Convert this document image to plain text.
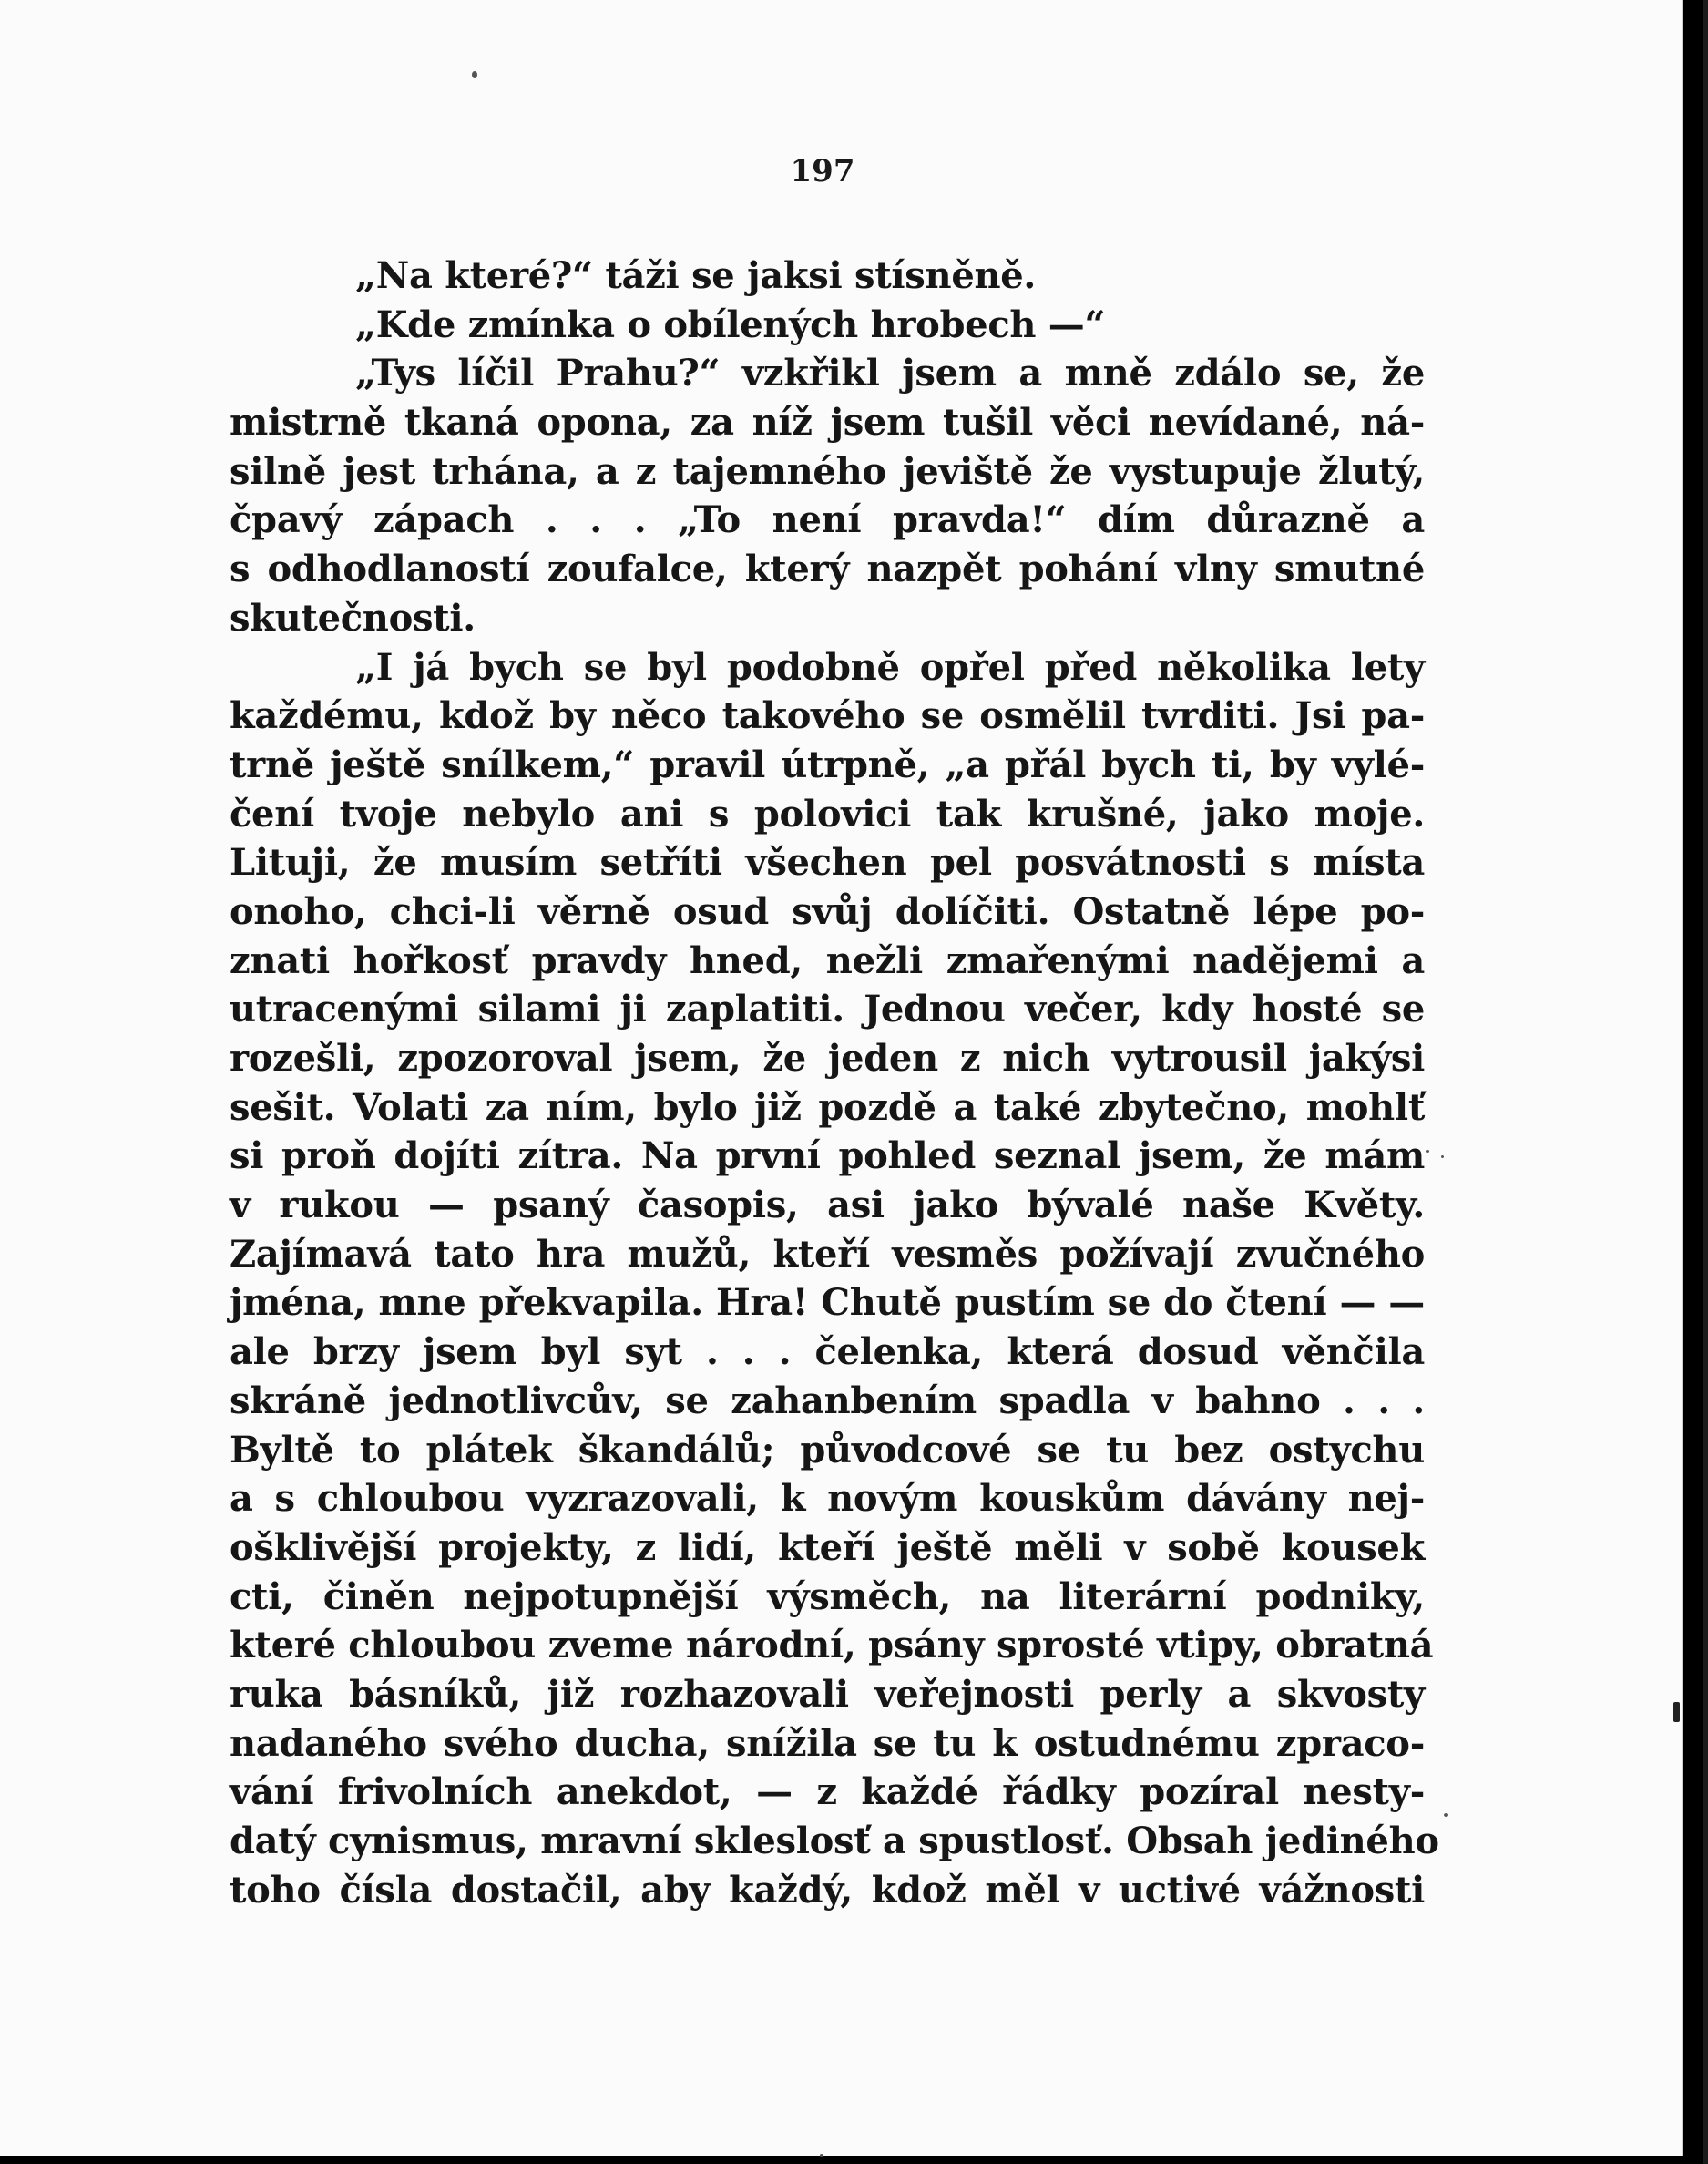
197
„Na které?“ táži se jaksi stísněně.
„Kde zmínka o obílených hrobech —“
„Tys líčil Prahu?“ vzkřikl jsem a mně zdálo se, že
mistrně tkaná opona, za níž jsem tušil věci nevídané, ná-
silně jest trhána, a z tajemného jeviště že vystupuje žlutý,
čpavý zápach . . . „To není pravda!“ dím důrazně a
s odhodlaností zoufalce, který nazpět pohání vlny smutné
skutečnosti.
„I já bych se byl podobně opřel před několika lety
každému, kdož by něco takového se osmělil tvrditi. Jsi pa-
trně ještě snílkem,“ pravil útrpně, „a přál bych ti, by vylé-
čení tvoje nebylo ani s polovici tak krušné, jako moje.
Lituji, že musím setříti všechen pel posvátnosti s místa
onoho, chci-li věrně osud svůj dolíčiti. Ostatně lépe po-
znati hořkosť pravdy hned, nežli zmařenými nadějemi a
utracenými silami ji zaplatiti. Jednou večer, kdy hosté se
rozešli, zpozoroval jsem, že jeden z nich vytrousil jakýsi
sešit. Volati za ním, bylo již pozdě a také zbytečno, mohlť
si proň dojíti zítra. Na první pohled seznal jsem, že mám
v rukou — psaný časopis, asi jako bývalé naše Květy.
Zajímavá tato hra mužů, kteří vesměs požívají zvučného
jména, mne překvapila. Hra! Chutě pustím se do čtení — —
ale brzy jsem byl syt . . . čelenka, která dosud věnčila
skráně jednotlivcův, se zahanbením spadla v bahno . . .
Byltě to plátek škandálů; původcové se tu bez ostychu
a s chloubou vyzrazovali, k novým kouskům dávány nej-
ošklivější projekty, z lidí, kteří ještě měli v sobě kousek
cti, činěn nejpotupnější výsměch, na literární podniky,
které chloubou zveme národní, psány sprosté vtipy, obratná
ruka básníků, již rozhazovali veřejnosti perly a skvosty
nadaného svého ducha, snížila se tu k ostudnému zpraco-
vání frivolních anekdot, — z každé řádky pozíral nesty-
datý cynismus, mravní skleslosť a spustlosť. Obsah jediného
toho čísla dostačil, aby každý, kdož měl v uctivé vážnosti
